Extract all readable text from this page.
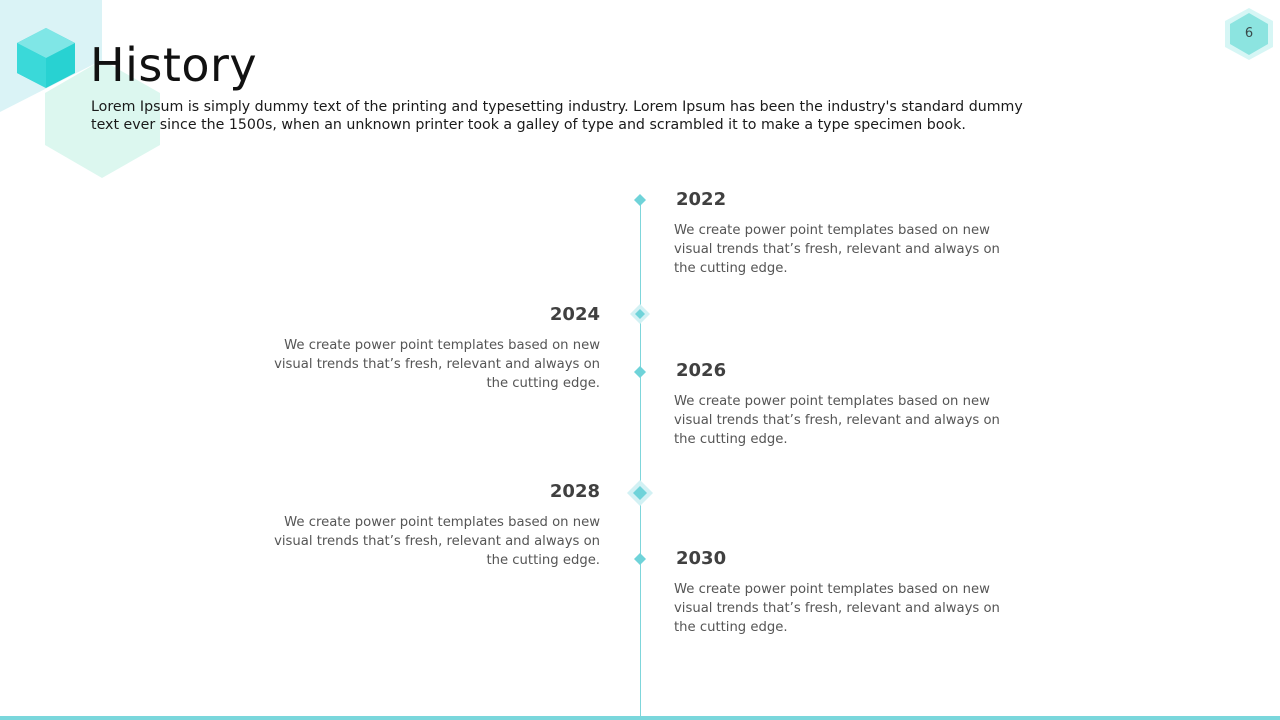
6
History

Lorem Ipsum is simply dummy text of the printing and typesetting industry. Lorem Ipsum has been the industry's standard dummy text ever since the 1500s, when an unknown printer took a galley of type and scrambled it to make a type specimen book.

2022

We create power point templates based on new visual trends that’s fresh, relevant and always on the cutting edge.

2024

We create power point templates based on new visual trends that’s fresh, relevant and always on the cutting edge.

2026

We create power point templates based on new visual trends that’s fresh, relevant and always on the cutting edge.

2028

We create power point templates based on new visual trends that’s fresh, relevant and always on the cutting edge.	2030

We create power point templates based on new visual trends that’s fresh, relevant and always on the cutting edge.
